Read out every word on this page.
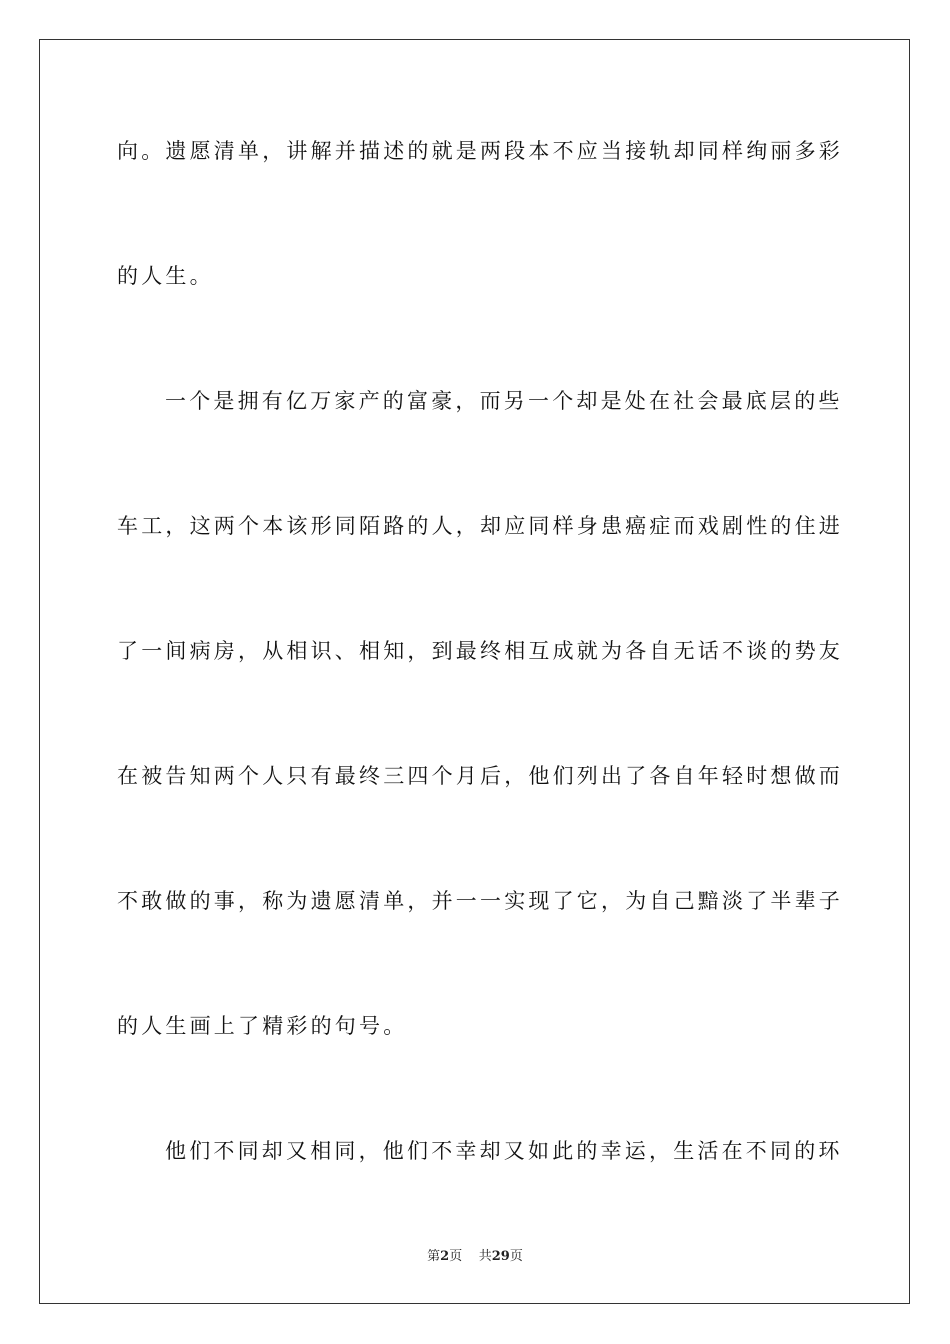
向。遗愿清单，讲解并描述的就是两段本不应当接轨却同样绚丽多彩
的人生。
一个是拥有亿万家产的富豪，而另一个却是处在社会最底层的些
车工，这两个本该形同陌路的人，却应同样身患癌症而戏剧性的住进
了一间病房，从相识、相知，到最终相互成就为各自无话不谈的势友
在被告知两个人只有最终三四个月后，他们列出了各自年轻时想做而
不敢做的事，称为遗愿清单，并一一实现了它，为自己黯淡了半辈子
的人生画上了精彩的句号。
他们不同却又相同，他们不幸却又如此的幸运，生活在不同的环
第2页 共29页
